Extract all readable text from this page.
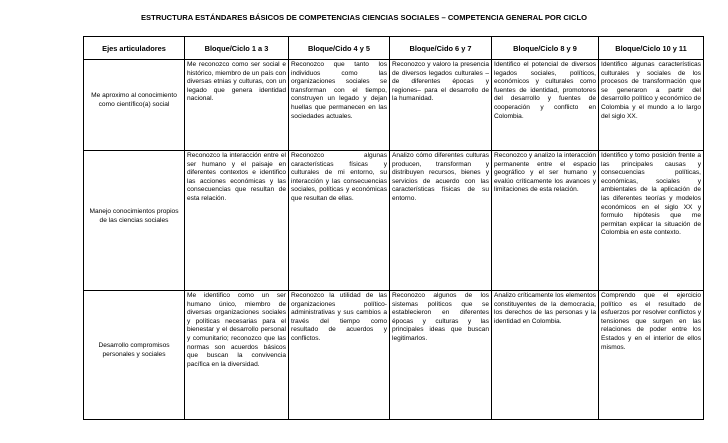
ESTRUCTURA ESTÁNDARES BÁSICOS DE COMPETENCIAS CIENCIAS SOCIALES – COMPETENCIA GENERAL POR CICLO
Ejes articuladores	Bloque/Ciclo 1 a 3	Bloque/Cido 4 y 5	Bloque/Cido 6 y 7	Bloque/Ciclo 8 y 9	Bloque/Ciclo 10 y 11

Me aproximo al conocimiento como científico(a) social	Me reconozco como ser social e histórico, miembro de un país con diversas etnias y culturas, con un legado que genera identidad nacional.	Reconozco que tanto los individuos como las organizaciones sociales se transforman con el tiempo, construyen un legado y dejan huellas que permanecen en las sociedades actuales.	Reconozco y valoro la presencia de diversos legados culturales –de diferentes épocas y regiones– para el desarrollo de la humanidad.	Identifico el potencial de diversos legados sociales, políticos, económicos y culturales como fuentes de identidad, promotores del desarrollo y fuentes de cooperación y conflicto en Colombia.	Identifico algunas características culturales y sociales de los procesos de transformación que se generaron a partir del desarrollo político y económico de Colombia y el mundo a lo largo del siglo XX.

Manejo conocimientos propios de las ciencias sociales	Reconozco la interacción entre el ser humano y el paisaje en diferentes contextos e identifico las acciones económicas y las consecuencias que resultan de esta relación.	Reconozco algunas características físicas y culturales de mi entorno, su interacción y las consecuencias sociales, políticas y económicas que resultan de ellas.	Analizo cómo diferentes culturas producen, transforman y distribuyen recursos, bienes y servicios de acuerdo con las características físicas de su entorno.	Reconozco y analizo la interacción permanente entre el espacio geográfico y el ser humano y evalúo críticamente los avances y limitaciones de esta relación.	Identifico y tomo posición frente a las principales causas y consecuencias políticas, económicas, sociales y ambientales de la aplicación de las diferentes teorías y modelos económicos en el siglo XX y formulo hipótesis que me permitan explicar la situación de Colombia en este contexto.

Desarrollo compromisos personales y sociales	Me identifico como un ser humano único, miembro de diversas organizaciones sociales y políticas necesarias para el bienestar y el desarrollo personal y comunitario; reconozco que las normas son acuerdos básicos que buscan la convivencia pacífica en la diversidad.	Reconozco la utilidad de las organizaciones político-administrativas y sus cambios a través del tiempo como resultado de acuerdos y conflictos.	Reconozco algunos de los sistemas políticos que se establecieron en diferentes épocas y culturas y las principales ideas que buscan legitimarlos.	Analizo críticamente los elementos constituyentes de la democracia, los derechos de las personas y la identidad en Colombia.	Comprendo que el ejercicio político es el resultado de esfuerzos por resolver conflictos y tensiones que surgen en las relaciones de poder entre los Estados y en el interior de ellos mismos.
